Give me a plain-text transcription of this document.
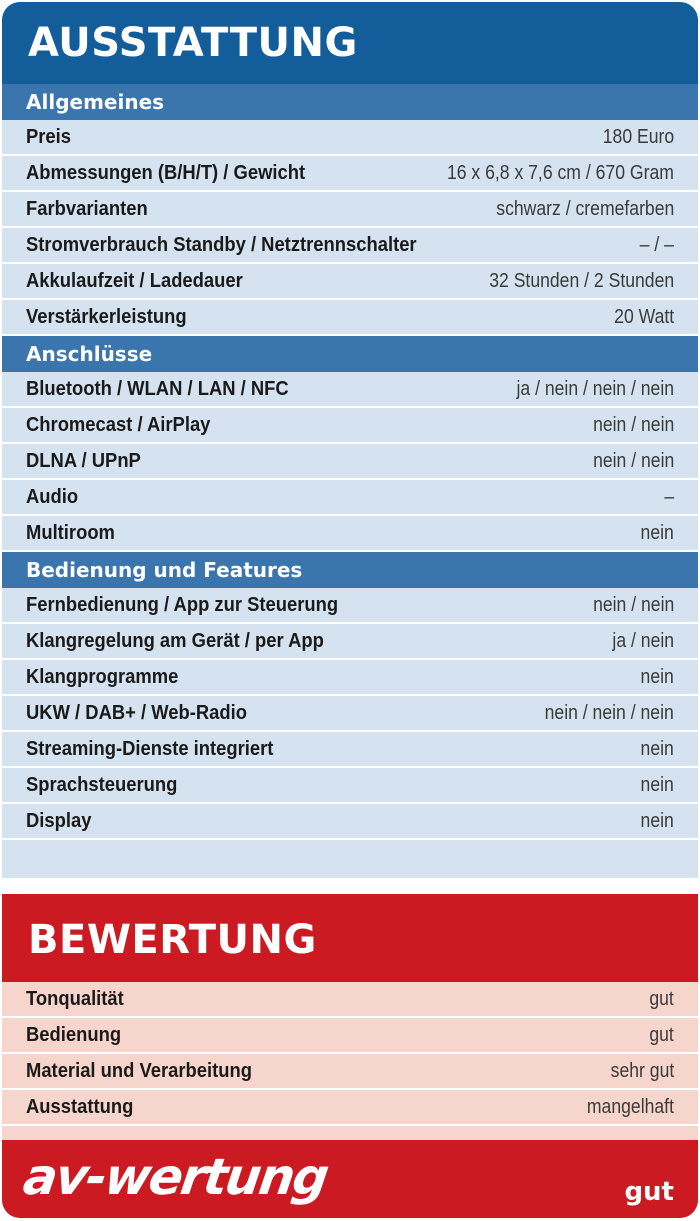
AUSSTATTUNG
Allgemeines
Preis	180 Euro
Abmessungen (B/H/T) / Gewicht	16 x 6,8 x 7,6 cm / 670 Gram
Farbvarianten	schwarz / cremefarben
Stromverbrauch Standby / Netztrennschalter	– / –
Akkulaufzeit / Ladedauer	32 Stunden / 2 Stunden
Verstärkerleistung	20 Watt
Anschlüsse
Bluetooth / WLAN / LAN / NFC	ja / nein / nein / nein
Chromecast / AirPlay	nein / nein
DLNA / UPnP	nein / nein
Audio	–
Multiroom	nein
Bedienung und Features
Fernbedienung / App zur Steuerung	nein / nein
Klangregelung am Gerät / per App	ja / nein
Klangprogramme	nein
UKW / DAB+ / Web-Radio	nein / nein / nein
Streaming-Dienste integriert	nein
Sprachsteuerung	nein
Display	nein
BEWERTUNG
Tonqualität	gut
Bedienung	gut
Material und Verarbeitung	sehr gut
Ausstattung	mangelhaft
av-wertung	gut
